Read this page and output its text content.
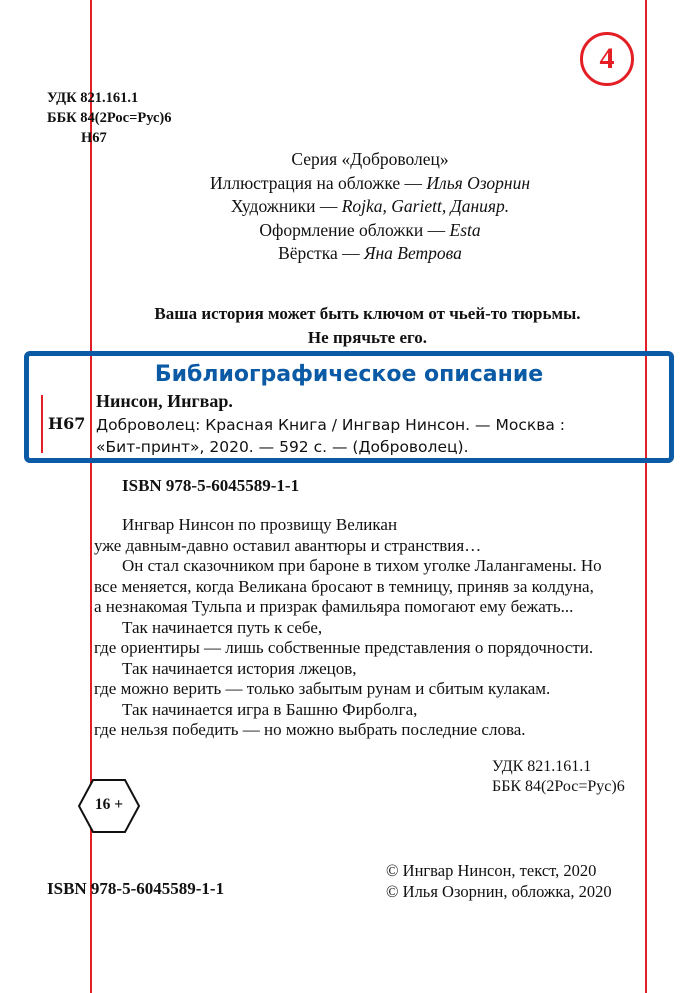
4
УДК 821.161.1
ББК 84(2Рос=Рус)6
Н67
Серия «Доброволец»
Иллюстрация на обложке — Илья Озорнин
Художники — Rojka, Gariett, Данияр.
Оформление обложки — Esta
Вёрстка — Яна Ветрова
Ваша история может быть ключом от чьей-то тюрьмы.
Не прячьте его.
Библиографическое описание
Н67
Нинсон, Ингвар.
Доброволец: Красная Книга / Ингвар Нинсон. — Москва :
«Бит-принт», 2020. — 592 с. — (Доброволец).
ISBN 978-5-6045589-1-1

Ингвар Нинсон по прозвищу Великан

уже давным-давно оставил авантюры и странствия…

Он стал сказочником при бароне в тихом уголке Лалангамены. Но

все меняется, когда Великана бросают в темницу, приняв за колдуна,

а незнакомая Тульпа и призрак фамильяра помогают ему бежать...

Так начинается путь к себе,

где ориентиры — лишь собственные представления о порядочности.

Так начинается история лжецов,

где можно верить — только забытым рунам и сбитым кулакам.

Так начинается игра в Башню Фирболга,

где нельзя победить — но можно выбрать последние слова.

УДК 821.161.1
ББК 84(2Рос=Рус)6
16 +
ISBN 978-5-6045589-1-1
© Ингвар Нинсон, текст, 2020
© Илья Озорнин, обложка, 2020
